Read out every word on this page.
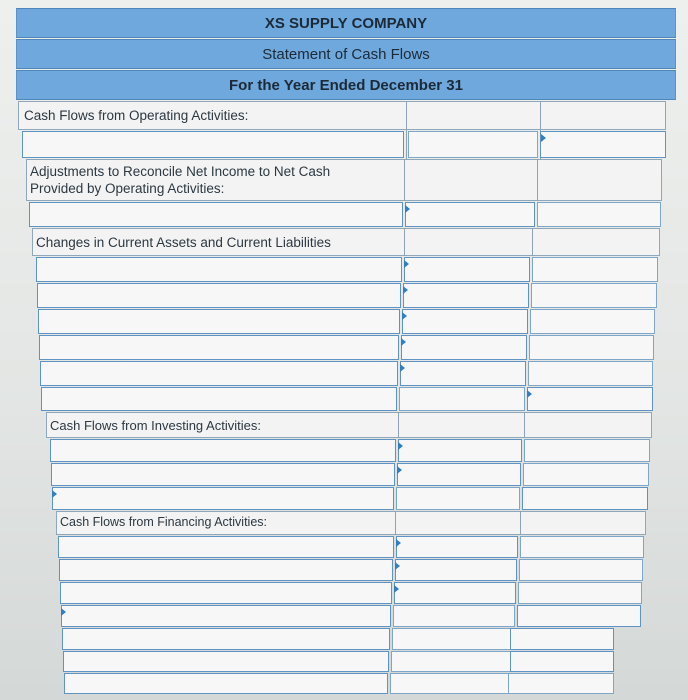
XS SUPPLY COMPANY
Statement of Cash Flows
For the Year Ended December 31
Cash Flows from Operating Activities:
Adjustments to Reconcile Net Income to Net Cash
Provided by Operating Activities:
Changes in Current Assets and Current Liabilities
Cash Flows from Investing Activities:
Cash Flows from Financing Activities:
